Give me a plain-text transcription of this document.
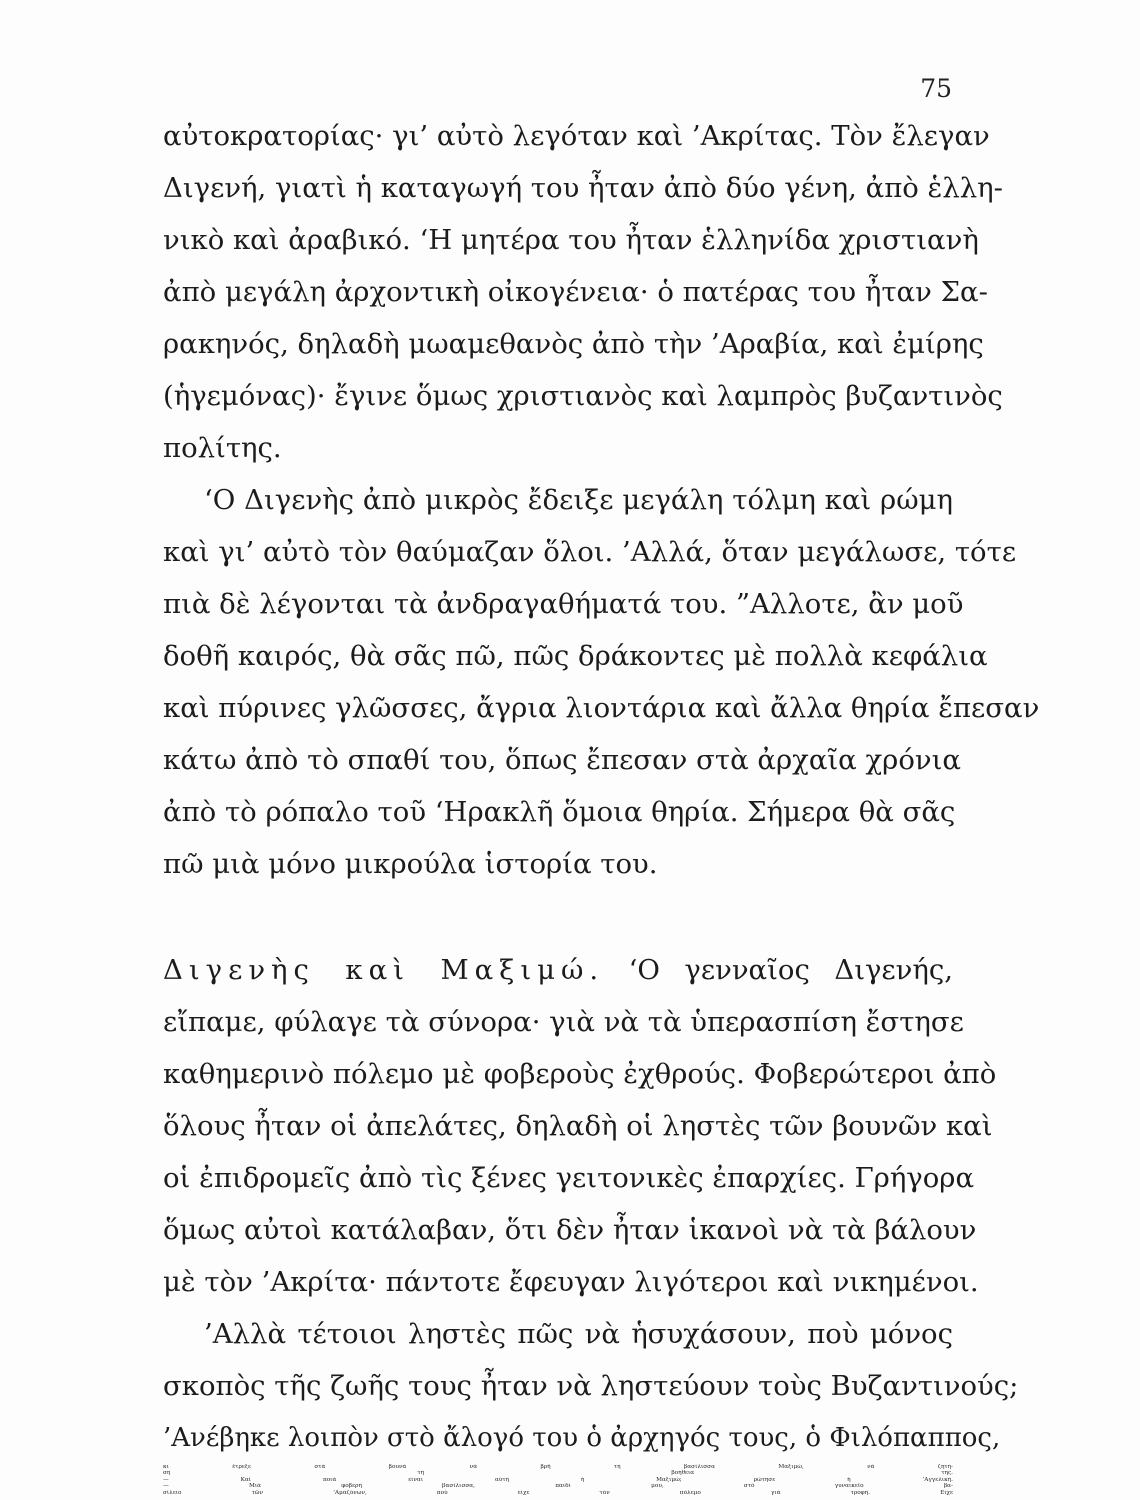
75
αὐτοκρατορίας· γι’ αὐτὸ λεγόταν καὶ ’Ακρίτας. Τὸν ἔλεγαν
Διγενή, γιατὶ ἡ καταγωγή του ἦταν ἀπὸ δύο γένη, ἀπὸ ἑλλη-
νικὸ καὶ ἀραβικό. ‘Η μητέρα του ἦταν ἑλληνίδα χριστιανὴ
ἀπὸ μεγάλη ἀρχοντικὴ οἰκογένεια· ὁ πατέρας του ἦταν Σα-
ρακηνός, δηλαδὴ μωαμεθανὸς ἀπὸ τὴν ’Αραβία, καὶ ἐμίρης
(ἡγεμόνας)· ἔγινε ὅμως χριστιανὸς καὶ λαμπρὸς βυζαντινὸς
πολίτης.
‘Ο Διγενὴς ἀπὸ μικρὸς ἔδειξε μεγάλη τόλμη καὶ ρώμη
καὶ γι’ αὐτὸ τὸν θαύμαζαν ὅλοι. ’Αλλά, ὅταν μεγάλωσε, τότε
πιὰ δὲ λέγονται τὰ ἀνδραγαθήματά του. ”Αλλοτε, ἂν μοῦ
δοθῆ καιρός, θὰ σᾶς πῶ, πῶς δράκοντες μὲ πολλὰ κεφάλια
καὶ πύρινες γλῶσσες, ἄγρια λιοντάρια καὶ ἄλλα θηρία ἔπεσαν
κάτω ἀπὸ τὸ σπαθί του, ὅπως ἔπεσαν στὰ ἀρχαῖα χρόνια
ἀπὸ τὸ ρόπαλο τοῦ ‘Ηρακλῆ ὅμοια θηρία. Σήμερα θὰ σᾶς
πῶ μιὰ μόνο μικρούλα ἱστορία του.
Διγενὴς καὶ Μαξιμώ. ‘Ο γενναῖος Διγενής,
εἴπαμε, φύλαγε τὰ σύνορα· γιὰ νὰ τὰ ὑπερασπίση ἔστησε
καθημερινὸ πόλεμο μὲ φοβεροὺς ἐχθρούς. Φοβερώτεροι ἀπὸ
ὅλους ἦταν οἱ ἀπελάτες, δηλαδὴ οἱ ληστὲς τῶν βουνῶν καὶ
οἱ ἐπιδρομεῖς ἀπὸ τὶς ξένες γειτονικὲς ἐπαρχίες. Γρήγορα
ὅμως αὐτοὶ κατάλαβαν, ὅτι δὲν ἦταν ἱκανοὶ νὰ τὰ βάλουν
μὲ τὸν ’Ακρίτα· πάντοτε ἔφευγαν λιγότεροι καὶ νικημένοι.
’Αλλὰ τέτοιοι ληστὲς πῶς νὰ ἡσυχάσουν, ποὺ μόνος
σκοπὸς τῆς ζωῆς τους ἦταν νὰ ληστεύουν τοὺς Βυζαντινούς;
’Ανέβηκε λοιπὸν στὸ ἄλογό του ὁ ἀρχηγός τους, ὁ Φιλόπαππος,
κι ἔτρεξε στὰ βουνὰ νὰ βρῆ τὴ βασίλισσα Μαξιμώ, νὰ ζητή-
ση τὴ βοήθεια της.
— Καὶ ποιὰ εἶναι αὐτὴ ἡ Μαξιμώ; ρώτησε ἡ ’Αγγελική.
— Μιὰ φοβερὴ βασίλισσα, παιδί μου, στὸ γυναικεῖο βα-
σίλειο τῶν ’Αμαζόνων, ποὺ εἶχε τὸν πόλεμο γιὰ τροφή. Εἶχε
